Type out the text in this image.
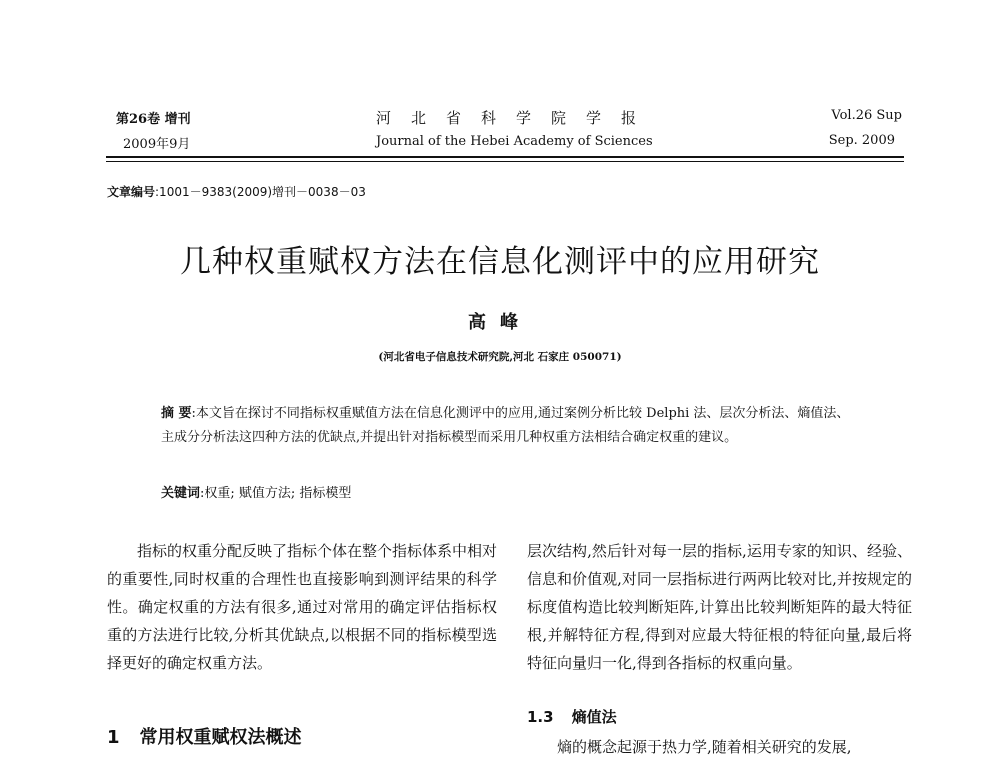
第26卷 增刊
2009年9月
河北省科学院学报
Journal of the Hebei Academy of Sciences
Vol.26 Sup
Sep. 2009
文章编号:1001－9383(2009)增刊－0038－03
几种权重赋权方法在信息化测评中的应用研究
高峰
(河北省电子信息技术研究院,河北 石家庄 050071)
摘 要:本文旨在探讨不同指标权重赋值方法在信息化测评中的应用,通过案例分析比较 Delphi 法、层次分析法、熵值法、主成分分析法这四种方法的优缺点,并提出针对指标模型而采用几种权重方法相结合确定权重的建议。
关键词:权重; 赋值方法; 指标模型

指标的权重分配反映了指标个体在整个指标体系中相对的重要性,同时权重的合理性也直接影响到测评结果的科学性。确定权重的方法有很多,通过对常用的确定评估指标权重的方法进行比较,分析其优缺点,以根据不同的指标模型选择更好的确定权重方法。

层次结构,然后针对每一层的指标,运用专家的知识、经验、信息和价值观,对同一层指标进行两两比较对比,并按规定的标度值构造比较判断矩阵,计算出比较判断矩阵的最大特征根,并解特征方程,得到对应最大特征根的特征向量,最后将特征向量归一化,得到各指标的权重向量。

1 常用权重赋权法概述
1.3 熵值法
熵的概念起源于热力学,随着相关研究的发展,
